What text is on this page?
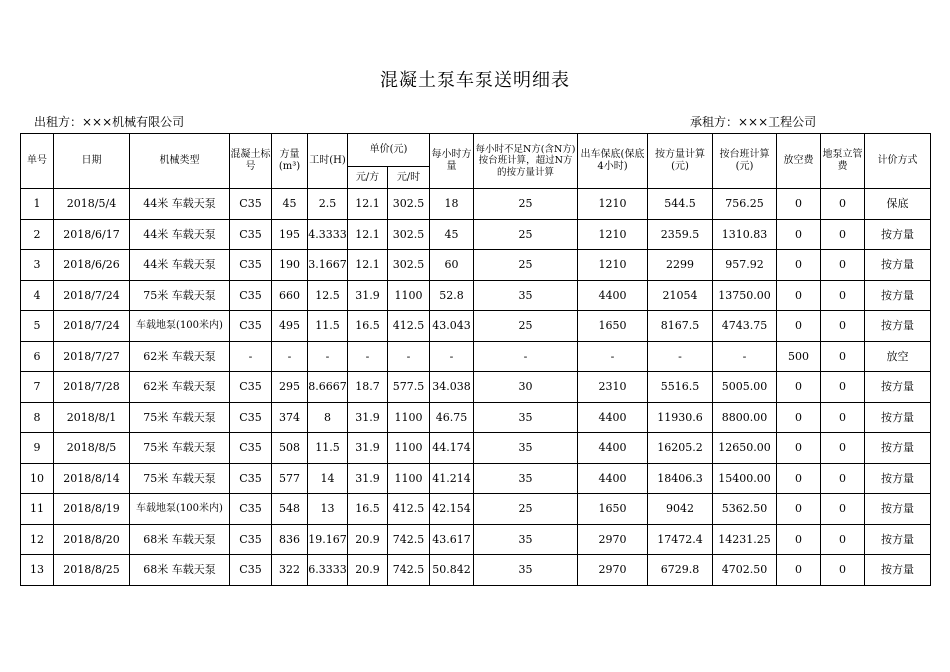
混凝土泵车泵送明细表
出租方：×××机械有限公司	承租方：×××工程公司
单号	日期	机械类型	混凝土标号	方量(m³)	工时(H)	单价(元)		每小时方量	每小时不足N方(含N方)按台班计算，超过N方的按方量计算	出车保底(保底4小时)	按方量计算(元)	按台班计算(元)	放空费	地泵立管费	计价方式
						元/方	元/时								
1	2018/5/4	44米 车载天泵	C35	45	2.5	12.1	302.5	18	25	1210	544.5	756.25	0	0	保底
2	2018/6/17	44米 车载天泵	C35	195	4.3333	12.1	302.5	45	25	1210	2359.5	1310.83	0	0	按方量
3	2018/6/26	44米 车载天泵	C35	190	3.1667	12.1	302.5	60	25	1210	2299	957.92	0	0	按方量
4	2018/7/24	75米 车载天泵	C35	660	12.5	31.9	1100	52.8	35	4400	21054	13750.00	0	0	按方量
5	2018/7/24	车载地泵(100米内)	C35	495	11.5	16.5	412.5	43.043	25	1650	8167.5	4743.75	0	0	按方量
6	2018/7/27	62米 车载天泵	-	-	-	-	-	-	-	-	-	-	500	0	放空
7	2018/7/28	62米 车载天泵	C35	295	8.6667	18.7	577.5	34.038	30	2310	5516.5	5005.00	0	0	按方量
8	2018/8/1	75米 车载天泵	C35	374	8	31.9	1100	46.75	35	4400	11930.6	8800.00	0	0	按方量
9	2018/8/5	75米 车载天泵	C35	508	11.5	31.9	1100	44.174	35	4400	16205.2	12650.00	0	0	按方量
10	2018/8/14	75米 车载天泵	C35	577	14	31.9	1100	41.214	35	4400	18406.3	15400.00	0	0	按方量
11	2018/8/19	车载地泵(100米内)	C35	548	13	16.5	412.5	42.154	25	1650	9042	5362.50	0	0	按方量
12	2018/8/20	68米 车载天泵	C35	836	19.167	20.9	742.5	43.617	35	2970	17472.4	14231.25	0	0	按方量
13	2018/8/25	68米 车载天泵	C35	322	6.3333	20.9	742.5	50.842	35	2970	6729.8	4702.50	0	0	按方量
